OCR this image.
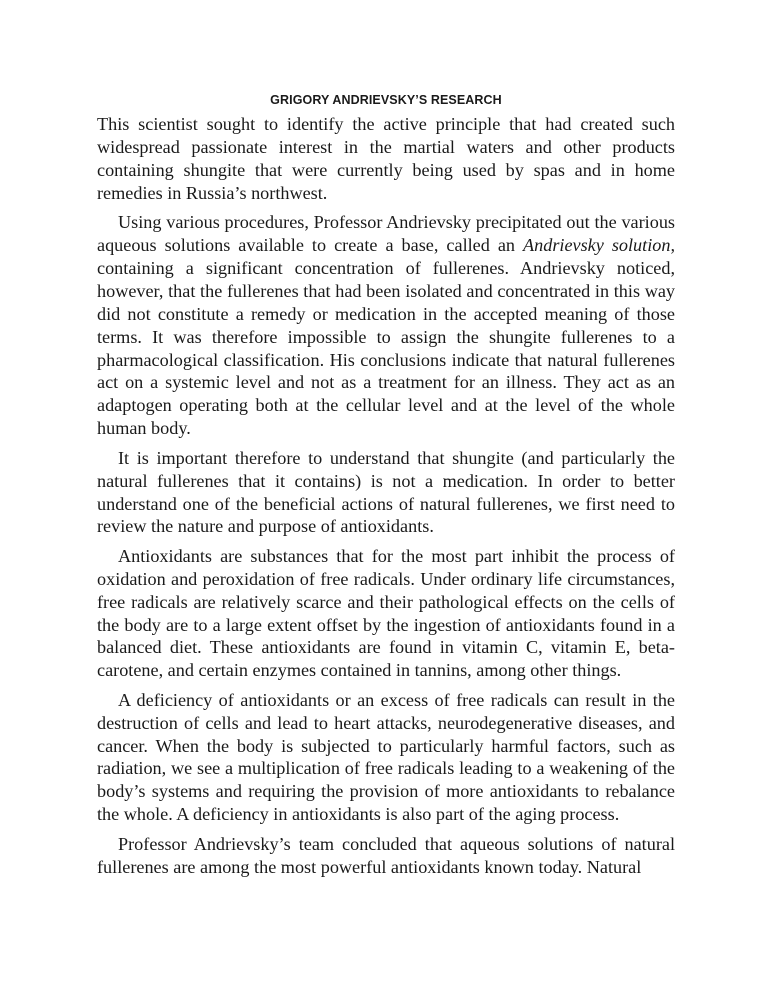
GRIGORY ANDRIEVSKY’S RESEARCH

This scientist sought to identify the active principle that had created such widespread passionate interest in the martial waters and other products containing shungite that were currently being used by spas and in home remedies in Russia’s northwest.

Using various procedures, Professor Andrievsky precipitated out the various aqueous solutions available to create a base, called an Andrievsky solution, containing a significant concentration of fullerenes. Andrievsky noticed, however, that the fullerenes that had been isolated and concentrated in this way did not constitute a remedy or medication in the accepted meaning of those terms. It was therefore impossible to assign the shungite fullerenes to a pharmacological classification. His conclusions indicate that natural fullerenes act on a systemic level and not as a treatment for an illness. They act as an adaptogen operating both at the cellular level and at the level of the whole human body.

It is important therefore to understand that shungite (and particularly the natural fullerenes that it contains) is not a medication. In order to better understand one of the beneficial actions of natural fullerenes, we first need to review the nature and purpose of antioxidants.

Antioxidants are substances that for the most part inhibit the process of oxidation and peroxidation of free radicals. Under ordinary life circumstances, free radicals are relatively scarce and their pathological effects on the cells of the body are to a large extent offset by the ingestion of antioxidants found in a balanced diet. These antioxidants are found in vitamin C, vitamin E, beta-carotene, and certain enzymes contained in tannins, among other things.

A deficiency of antioxidants or an excess of free radicals can result in the destruction of cells and lead to heart attacks, neurodegenerative diseases, and cancer. When the body is subjected to particularly harmful factors, such as radiation, we see a multiplication of free radicals leading to a weakening of the body’s systems and requiring the provision of more antioxidants to rebalance the whole. A deficiency in antioxidants is also part of the aging process.

Professor Andrievsky’s team concluded that aqueous solutions of natural fullerenes are among the most powerful antioxidants known today. Natural
